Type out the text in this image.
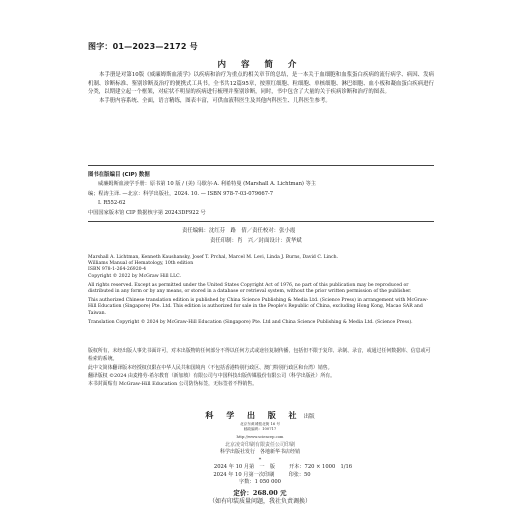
图字：01—2023—2172 号
内 容 简 介

本手册是对第10版《威廉姆斯血液学》以疾病和治疗为重点的相关章节的总结，是一本关于血细胞和血浆蛋白疾病的流行病学、病因、发病机制、诊断标准、鉴别诊断及治疗的便携式工具书。全书共12篇95章，按照红细胞、粒细胞、单核细胞、淋巴细胞、血小板和凝血蛋白疾病进行分类，以期建立起一个框架，对症状不明显的疾病进行梳理并鉴别诊断，同时，书中包含了大量的关于疾病诊断和治疗的图表。

本手册内容系统、全面，语言精练，图表丰富，可供血液科医生及其他内科医生、儿科医生参考。

图书在版编目 (CIP) 数据
威廉姆斯血液学手册：原书第 10 版 / (美) 马歇尔·A. 利希特曼 (Marshall A. Lichtman) 等主
编；程涛主译. —北京：科学出版社，2024. 10. — ISBN 978-7-03-079667-7
Ⅰ. R552-62
中国国家版本馆 CIP 数据核字第 20243DF922 号
责任编辑：沈红芬　路　倩／责任校对：张小霞
责任印制：肖　兴／封面设计：黄华斌

Marshall A. Lichtman, Kenneth Kaushansky, Josef T. Prchal, Marcel M. Levi, Linda J. Burns, David C. Linch.
Williams Manual of Hematology, 10th edition
ISBN 978-1-264-26920-4
Copyright © 2022 by McGraw Hill LLC.

All rights reserved. Except as permitted under the United States Copyright Act of 1976, no part of this publication may be reproduced or distributed in any form or by any means, or stored in a database or retrieval system, without the prior written permission of the publisher.

This authorized Chinese translation edition is published by China Science Publishing & Media Ltd. (Science Press) in arrangement with McGraw-Hill Education (Singapore) Pte. Ltd. This edition is authorized for sale in the People's Republic of China, excluding Hong Kong, Macao SAR and Taiwan.

Translation Copyright © 2024 by McGraw-Hill Education (Singapore) Pte. Ltd and China Science Publishing & Media Ltd. (Science Press).

版权所有，未经出版人事先书面许可，对本出版物的任何部分不得以任何方式或途径复制传播，包括但不限于复印、录制、录音，或通过任何数据库、信息或可检索的系统。

此中文简体翻译版本经授权仅限在中华人民共和国境内（不包括香港特别行政区、澳门特别行政区和台湾）销售。

翻译版权 ©2024 由麦格劳-希尔教育（新加坡）有限公司与中国科技出版传媒股份有限公司（科学出版社）所有。

本书封面贴有 McGraw-Hill Education 公司防伪标签，无标签者不得销售。

科 学 出 版 社 出版
北京东黄城根北街 16 号
邮政编码：100717
http://www.sciencep.com
北京凌奇印刷有限责任公司印刷
科学出版社发行　各地新华书店经销
*
2024 年 10 月第　一　版	开本：720 × 1000　1/16
2024 年 10 月第一次印刷	印张：50
字数：1 050 000
定价：268.00 元
（如有印装质量问题，我社负责调换）
